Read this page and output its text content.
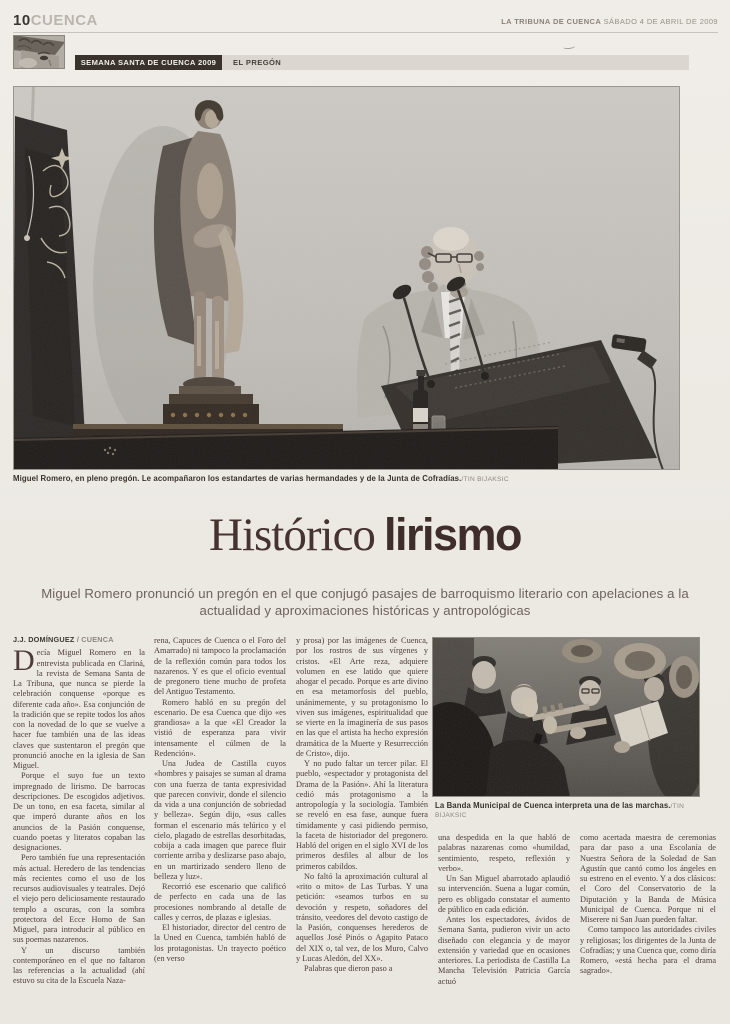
10CUENCA	LA TRIBUNA DE CUENCA SÁBADO 4 DE ABRIL DE 2009
SEMANA SANTA DE CUENCA 2009 EL PREGÓN
Miguel Romero, en pleno pregón. Le acompañaron los estandartes de varias hermandades y de la Junta de Cofradías./TIN BIJAKSIC
Histórico lirismo
Miguel Romero pronunció un pregón en el que conjugó pasajes de barroquismo literario con apelaciones a la actualidad y aproximaciones históricas y antropológicas
La Banda Municipal de Cuenca interpreta una de las marchas./TIN BIJAKSIC
J.J. DOMÍNGUEZ / CUENCA

Decía Miguel Romero en la entrevista publicada en Clariná, la revista de Semana Santa de La Tribuna, que nunca se pierde la celebración conquense «porque es diferente cada año». Esa conjunción de la tradición que se repite todos los años con la novedad de lo que se vuelve a hacer fue también una de las ideas claves que sustentaron el pregón que pronunció anoche en la iglesia de San Miguel.

Porque el suyo fue un texto impregnado de lirismo. De barrocas descripciones. De escogidos adjetivos. De un tono, en esa faceta, similar al que imperó durante años en los anuncios de la Pasión conquense, cuando poetas y literatos copaban las designaciones.

Pero también fue una representación más actual. Heredero de las tendencias más recientes como el uso de los recursos audiovisuales y teatrales. Dejó el viejo pero deliciosamente restaurado templo a oscuras, con la sombra protectora del Ecce Homo de San Miguel, para introducir al público en sus poemas nazarenos.

Y un discurso también contemporáneo en el que no faltaron las referencias a la actualidad (ahí estuvo su cita de la Escuela Naza-

rena, Capuces de Cuenca o el Foro del Amarrado) ni tampoco la proclamación de la reflexión común para todos los nazarenos. Y es que el oficio eventual de pregonero tiene mucho de profeta del Antiguo Testamento.

Romero habló en su pregón del escenario. De esa Cuenca que dijo «es grandiosa» a la que «El Creador la vistió de esperanza para vivir intensamente el cúlmen de la Redención».

Una Judea de Castilla cuyos «hombres y paisajes se suman al drama con una fuerza de tanta expresividad que parecen convivir, donde el silencio da vida a una conjunción de sobriedad y belleza». Según dijo, «sus calles forman el escenario más telúrico y el cielo, plagado de estrellas desorbitadas, cobija a cada imagen que parece fluir corriente arriba y deslizarse paso abajo, en un martirizado sendero lleno de belleza y luz».

Recorrió ese escenario que calificó de perfecto en cada una de las procesiones nombrando al detalle de calles y cerros, de plazas e iglesias.

El historiador, director del centro de la Uned en Cuenca, también habló de los protagonistas. Un trayecto poético (en verso

y prosa) por las imágenes de Cuenca, por los rostros de sus vírgenes y cristos. «El Arte reza, adquiere volumen en ese latido que quiere ahogar el pecado. Porque es arte divino en esa metamorfosis del pueblo, unánimemente, y su protagonismo lo viven sus imágenes, espiritualidad que se vierte en la imaginería de sus pasos en las que el artista ha hecho expresión dramática de la Muerte y Resurrección de Cristo», dijo.

Y no pudo faltar un tercer pilar. El pueblo, «espectador y protagonista del Drama de la Pasión». Ahí la literatura cedió más protagonismo a la antropología y la sociología. También se reveló en esa fase, aunque fuera tímidamente y casi pidiendo permiso, la faceta de historiador del pregonero. Habló del origen en el siglo XVI de los primeros desfiles al albur de los primeros cabildos.

No faltó la aproximación cultural al «rito o mito» de Las Turbas. Y una petición: «seamos turbos en su devoción y respeto, soñadores del tránsito, veedores del devoto castigo de la Pasión, conquenses herederos de aquellos José Pinós o Agapito Pataco del XIX o, tal vez, de los Muro, Calvo y Lucas Aledón, del XX».

Palabras que dieron paso a

una despedida en la que habló de palabras nazarenas como «humildad, sentimiento, respeto, reflexión y verbo».

Un San Miguel abarrotado aplaudió su intervención. Suena a lugar común, pero es obligado constatar el aumento de público en cada edición.

Antes los espectadores, ávidos de Semana Santa, pudieron vivir un acto diseñado con elegancia y de mayor extensión y variedad que en ocasiones anteriores. La periodista de Castilla La Mancha Televisión Patricia García actuó

como acertada maestra de ceremonias para dar paso a una Escolanía de Nuestra Señora de la Soledad de San Agustín que cantó como los ángeles en su estreno en el evento. Y a dos clásicos: el Coro del Conservatorio de la Diputación y la Banda de Música Municipal de Cuenca. Porque ni el Miserere ni San Juan pueden faltar.

Como tampoco las autoridades civiles y religiosas; los dirigentes de la Junta de Cofradías; y una Cuenca que, como diría Romero, «está hecha para el drama sagrado».
